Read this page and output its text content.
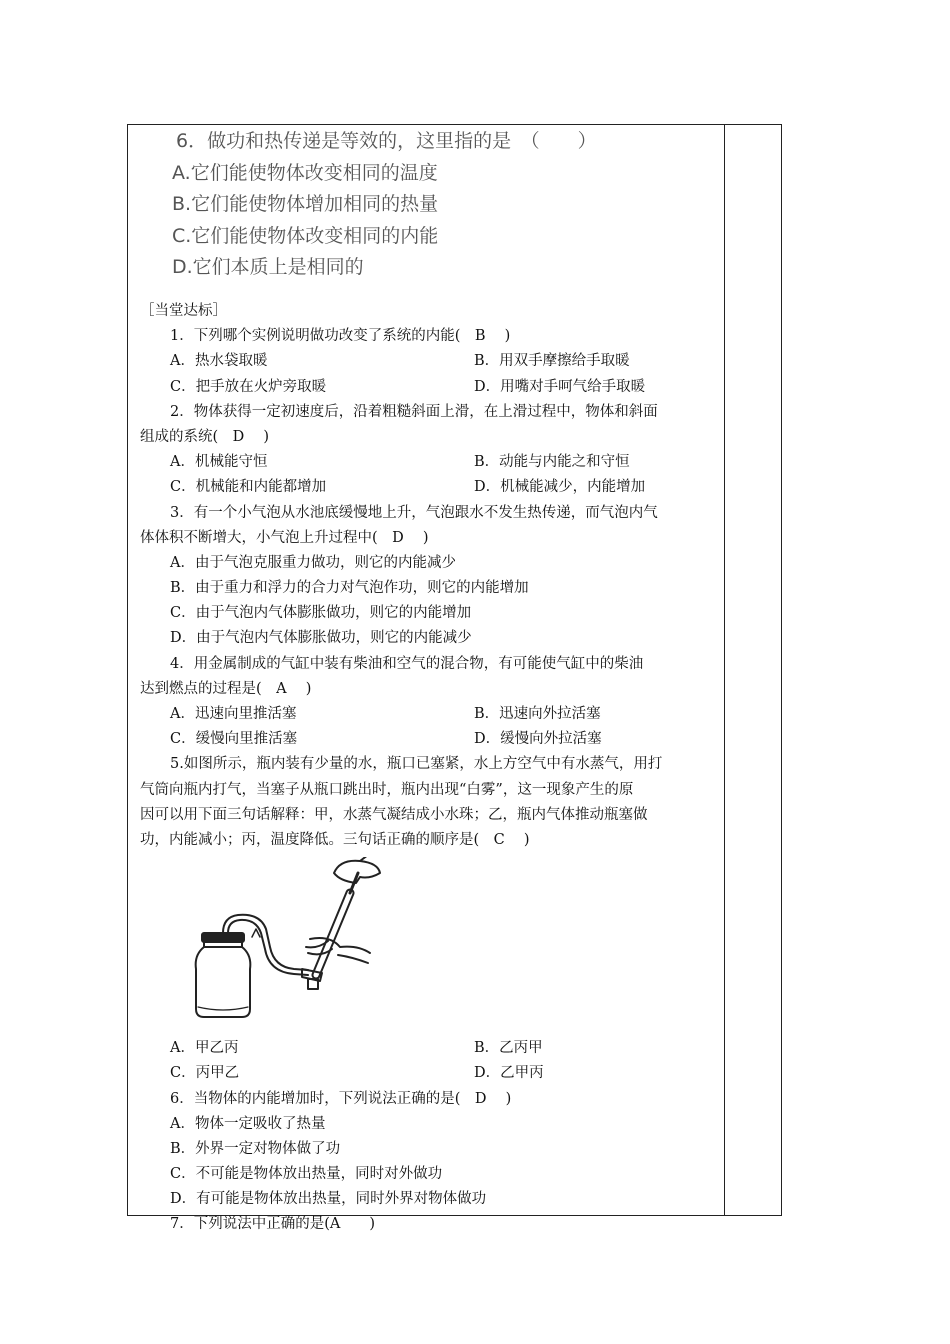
6．做功和热传递是等效的，这里指的是　（　　）
A.它们能使物体改变相同的温度
B.它们能使物体增加相同的热量
C.它们能使物体改变相同的内能
D.它们本质上是相同的
［当堂达标］
1．下列哪个实例说明做功改变了系统的内能(　B　 )
A．热水袋取暖	B．用双手摩擦给手取暖
C．把手放在火炉旁取暖	D．用嘴对手呵气给手取暖
2．物体获得一定初速度后，沿着粗糙斜面上滑，在上滑过程中，物体和斜面
组成的系统(　D　 )
A．机械能守恒	B．动能与内能之和守恒
C．机械能和内能都增加	D．机械能减少，内能增加
3．有一个小气泡从水池底缓慢地上升，气泡跟水不发生热传递，而气泡内气
体体积不断增大，小气泡上升过程中(　D　 )
A．由于气泡克服重力做功，则它的内能减少
B．由于重力和浮力的合力对气泡作功，则它的内能增加
C．由于气泡内气体膨胀做功，则它的内能增加
D．由于气泡内气体膨胀做功，则它的内能减少
4．用金属制成的气缸中装有柴油和空气的混合物，有可能使气缸中的柴油
达到燃点的过程是(　A　 )
A．迅速向里推活塞	B．迅速向外拉活塞
C．缓慢向里推活塞	D．缓慢向外拉活塞
5.如图所示，瓶内装有少量的水，瓶口已塞紧，水上方空气中有水蒸气，用打
气筒向瓶内打气，当塞子从瓶口跳出时，瓶内出现“白雾”，这一现象产生的原
因可以用下面三句话解释：甲，水蒸气凝结成小水珠；乙，瓶内气体推动瓶塞做
功，内能减小；丙，温度降低。三句话正确的顺序是(　C　 )
A．甲乙丙	B．乙丙甲
C．丙甲乙	D．乙甲丙
6．当物体的内能增加时，下列说法正确的是(　D　 )
A．物体一定吸收了热量
B．外界一定对物体做了功
C．不可能是物体放出热量，同时对外做功
D．有可能是物体放出热量，同时外界对物体做功
7．下列说法中正确的是(A　　)
